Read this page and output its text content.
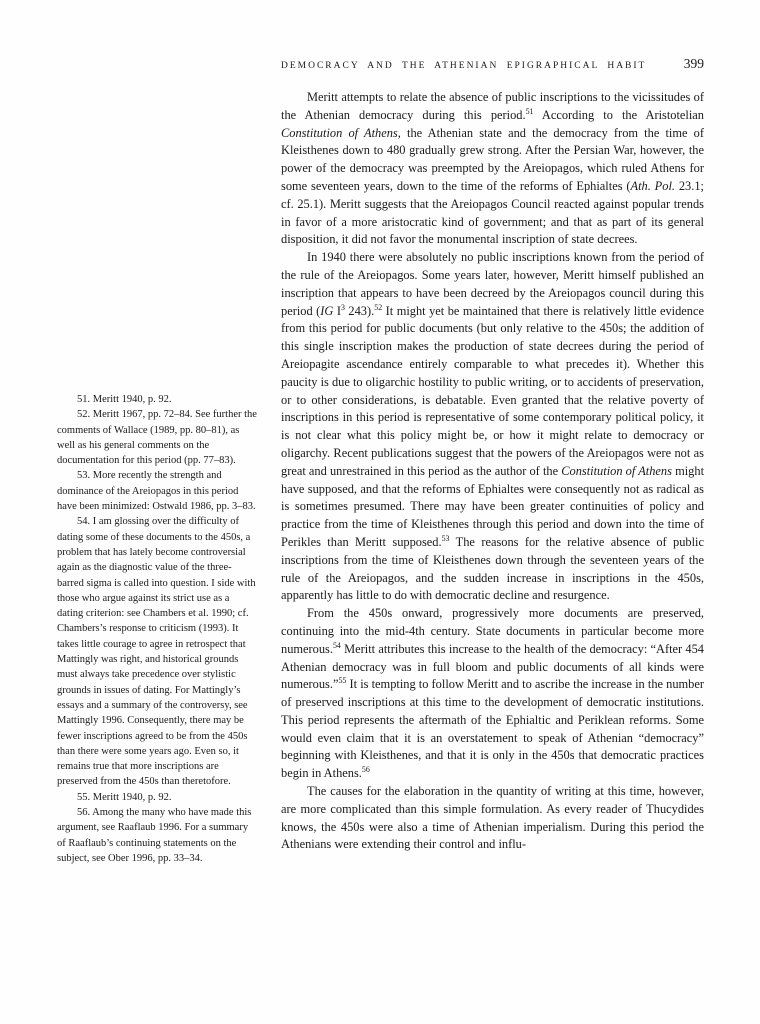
DEMOCRACY AND THE ATHENIAN EPIGRAPHICAL HABIT	399

51. Meritt 1940, p. 92.

52. Meritt 1967, pp. 72–84. See further the comments of Wallace (1989, pp. 80–81), as well as his general comments on the documentation for this period (pp. 77–83).

53. More recently the strength and dominance of the Areiopagos in this period have been minimized: Ostwald 1986, pp. 3–83.

54. I am glossing over the difficulty of dating some of these documents to the 450s, a problem that has lately become controversial again as the diagnostic value of the three-barred sigma is called into question. I side with those who argue against its strict use as a dating criterion: see Chambers et al. 1990; cf. Chambers’s response to criticism (1993). It takes little courage to agree in retrospect that Mattingly was right, and historical grounds must always take precedence over stylistic grounds in issues of dating. For Mattingly’s essays and a summary of the controversy, see Mattingly 1996. Consequently, there may be fewer inscriptions agreed to be from the 450s than there were some years ago. Even so, it remains true that more inscriptions are preserved from the 450s than theretofore.

55. Meritt 1940, p. 92.

56. Among the many who have made this argument, see Raaflaub 1996. For a summary of Raaflaub’s continuing statements on the subject, see Ober 1996, pp. 33–34.

Meritt attempts to relate the absence of public inscriptions to the vicissitudes of the Athenian democracy during this period.$^{51}$ According to the Aristotelian Constitution of Athens, the Athenian state and the democracy from the time of Kleisthenes down to 480 gradually grew strong. After the Persian War, however, the power of the democracy was preempted by the Areiopagos, which ruled Athens for some seventeen years, down to the time of the reforms of Ephialtes (Ath. Pol. 23.1; cf. 25.1). Meritt suggests that the Areiopagos Council reacted against popular trends in favor of a more aristocratic kind of government; and that as part of its general disposition, it did not favor the monumental inscription of state decrees.

In 1940 there were absolutely no public inscriptions known from the period of the rule of the Areiopagos. Some years later, however, Meritt himself published an inscription that appears to have been decreed by the Areiopagos council during this period (IG $I^3$ 243).$^{52}$ It might yet be maintained that there is relatively little evidence from this period for public documents (but only relative to the 450s; the addition of this single inscription makes the production of state decrees during the period of Areiopagite ascendance entirely comparable to what precedes it). Whether this paucity is due to oligarchic hostility to public writing, or to accidents of preservation, or to other considerations, is debatable. Even granted that the relative poverty of inscriptions in this period is representative of some contemporary political policy, it is not clear what this policy might be, or how it might relate to democracy or oligarchy. Recent publications suggest that the powers of the Areiopagos were not as great and unrestrained in this period as the author of the Constitution of Athens might have supposed, and that the reforms of Ephialtes were consequently not as radical as is sometimes presumed. There may have been greater continuities of policy and practice from the time of Kleisthenes through this period and down into the time of Perikles than Meritt supposed.$^{53}$ The reasons for the relative absence of public inscriptions from the time of Kleisthenes down through the seventeen years of the rule of the Areiopagos, and the sudden increase in inscriptions in the 450s, apparently has little to do with democratic decline and resurgence.

From the 450s onward, progressively more documents are preserved, continuing into the mid-4th century. State documents in particular become more numerous.$^{54}$ Meritt attributes this increase to the health of the democracy: “After 454 Athenian democracy was in full bloom and public documents of all kinds were numerous.”$^{55}$ It is tempting to follow Meritt and to ascribe the increase in the number of preserved inscriptions at this time to the development of democratic institutions. This period represents the aftermath of the Ephialtic and Periklean reforms. Some would even claim that it is an overstatement to speak of Athenian “democracy” beginning with Kleisthenes, and that it is only in the 450s that democratic practices begin in Athens.$^{56}$

The causes for the elaboration in the quantity of writing at this time, however, are more complicated than this simple formulation. As every reader of Thucydides knows, the 450s were also a time of Athenian imperialism. During this period the Athenians were extending their control and influ-
